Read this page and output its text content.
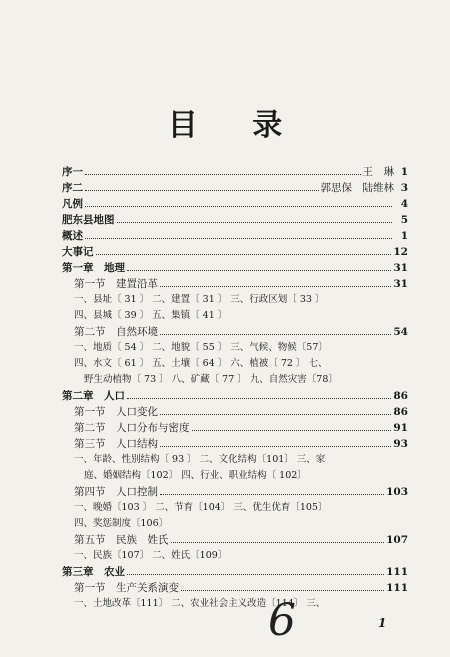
目 录
序一	王　琳 1
序二	郭思保　陆维林 3
凡例	4
肥东县地图	5
概述	1
大事记	12
第一章　地理	31
第一节　建置沿革	31
一、县址〔 31 〕 二、建置〔 31 〕 三、行政区划〔 33 〕
四、县城〔 39 〕 五、集镇〔 41 〕
第二节　自然环境	54
一、地质〔 54 〕 二、地貌〔 55 〕 三、气候、物候〔57〕
四、水文〔 61 〕 五、土壤〔 64 〕 六、植被〔 72 〕 七、
野生动植物〔 73 〕 八、矿藏〔 77 〕 九、自然灾害〔78〕
第二章　人口	86
第一节　人口变化	86
第二节　人口分布与密度	91
第三节　人口结构	93
一、年龄、性别结构〔 93 〕 二、文化结构〔101〕 三、家
庭、婚姻结构〔102〕 四、行业、职业结构〔 102〕
第四节　人口控制	103
一、晚婚〔103 〕 二、节育〔104〕 三、优生优育〔105〕
四、奖惩制度〔106〕
第五节　民族　姓氏	107
一、民族〔107〕 二、姓氏〔109〕
第三章　农业	111
第一节　生产关系演变	111
一、土地改革〔111〕 二、农业社会主义改造〔114〕 三、
6	1
